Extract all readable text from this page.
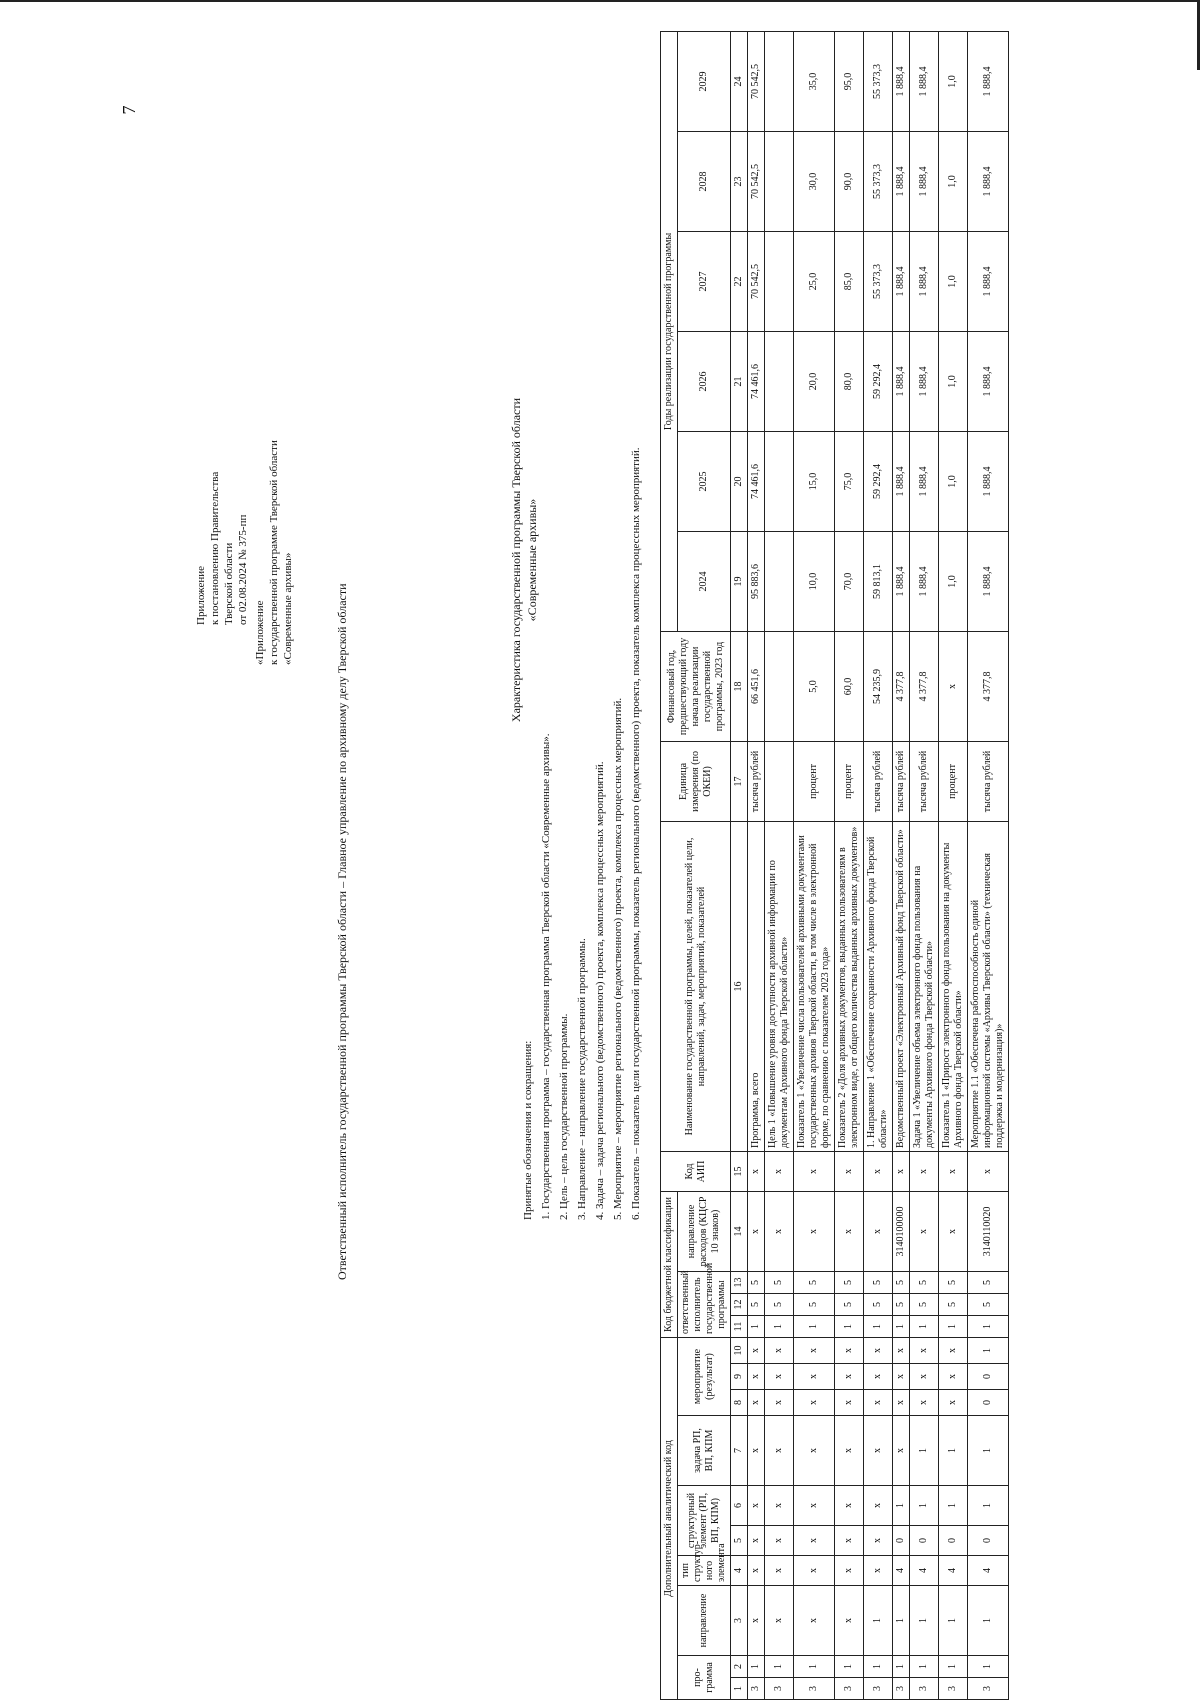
7
Приложение к постановлению Правительства Тверской области от 02.08.2024 № 375-пп
«Приложение к государственной программе Тверской области «Современные архивы»	Характеристика государственной программы Тверской области «Современные архивы»
Ответственный исполнитель государственной программы Тверской области – Главное управление по архивному делу Тверской области	Принятые обозначения и сокращения: 1. Государственная программа – государственная программа Тверской области «Современные архивы». 2. Цель – цель государственной программы. 3. Направление – направление государственной программы. 4. Задача – задача регионального (ведомственного) проекта, комплекса процессных мероприятий. 5. Мероприятие – мероприятие регионального (ведомственного) проекта, комплекса процессных мероприятий. 6. Показатель – показатель цели государственной программы, показатель регионального (ведомственного) проекта, показатель комплекса процессных мероприятий.
Дополнительный аналитический код										Код бюджетной классификации				Код АИП	Наименование государственной программы, целей, показателей цели, направлений, задач, мероприятий, показателей	Единица измерения (по ОКЕИ)	Финансовый год, предшествующий году начала реализации государственной программы, 2023 год	Годы реализации государственной программы					
про-грамма		направление	тип структур-ного элемента	структурный элемент (РП, ВП, КПМ)		задача РП, ВП, КПМ	мероприятие (результат)			ответственный исполнитель государственной программы			направление расходов (КЦСР 10 знаков)					2024	2025	2026	2027	2028	2029

1	2	3	4	5	6	7	8	9	10	11	12	13	14	15	16	17	18	19	20	21	22	23	24
3	1	х	х	х	х	х	х	х	х	1	5	5	х	х	Программа, всего	тысяча рублей	66 451,6	95 883,6	74 461,6	74 461,6	70 542,5	70 542,5	70 542,5
3	1	х	х	х	х	х	х	х	х	1	5	5	х	х	Цель 1 «Повышение уровня доступности архивной информации по документам Архивного фонда Тверской области»								
3	1	х	х	х	х	х	х	х	х	1	5	5	х	х	Показатель 1 «Увеличение числа пользователей архивными документами государственных архивов Тверской области, в том числе в электронной форме, по сравнению с показателем 2023 года»	процент	5,0	10,0	15,0	20,0	25,0	30,0	35,0
3	1	х	х	х	х	х	х	х	х	1	5	5	х	х	Показатель 2 «Доля архивных документов, выданных пользователям в электронном виде, от общего количества выданных архивных документов»	процент	60,0	70,0	75,0	80,0	85,0	90,0	95,0
3	1	1	х	х	х	х	х	х	х	1	5	5	х	х	1. Направление 1 «Обеспечение сохранности Архивного фонда Тверской области»	тысяча рублей	54 235,9	59 813,1	59 292,4	59 292,4	55 373,3	55 373,3	55 373,3
3	1	1	4	0	1	х	х	х	х	1	5	5	3140100000	х	Ведомственный проект «Электронный Архивный фонд Тверской области»	тысяча рублей	4 377,8	1 888,4	1 888,4	1 888,4	1 888,4	1 888,4	1 888,4
3	1	1	4	0	1	1	х	х	х	1	5	5	х	х	Задача 1 «Увеличение объема электронного фонда пользования на документы Архивного фонда Тверской области»	тысяча рублей	4 377,8	1 888,4	1 888,4	1 888,4	1 888,4	1 888,4	1 888,4
3	1	1	4	0	1	1	х	х	х	1	5	5	х	х	Показатель 1 «Прирост электронного фонда пользования на документы Архивного фонда Тверской области»	процент	х	1,0	1,0	1,0	1,0	1,0	1,0
3	1	1	4	0	1	1	0	0	1	1	5	5	3140110020	х	Мероприятие 1.1 «Обеспечена работоспособность единой информационной системы «Архивы Тверской области» (техническая поддержка и модернизация)»	тысяча рублей	4 377,8	1 888,4	1 888,4	1 888,4	1 888,4	1 888,4	1 888,4
